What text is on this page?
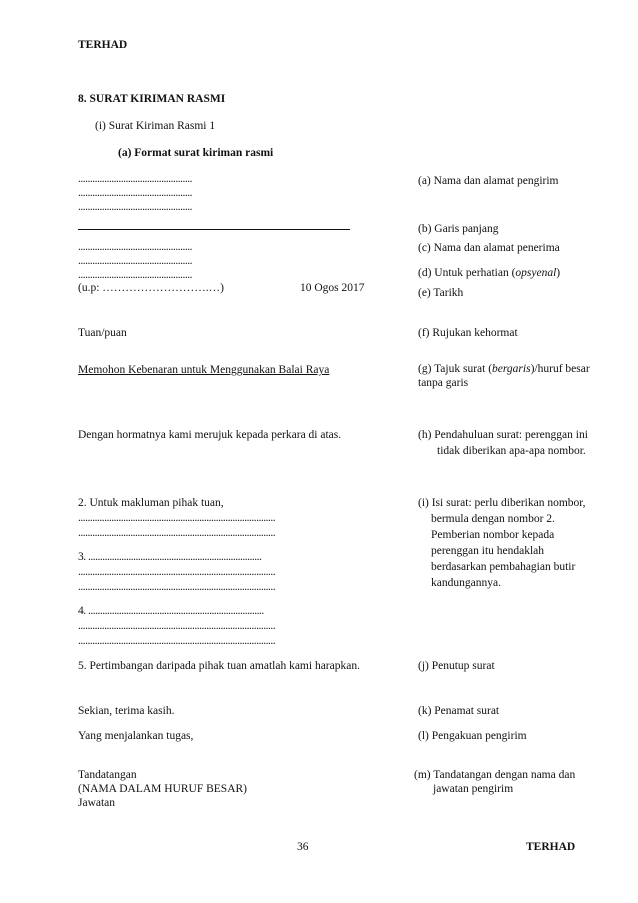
TERHAD
8. SURAT KIRIMAN RASMI
(i) Surat Kiriman Rasmi 1
(a) Format surat kiriman rasmi
................................................
................................................
................................................
................................................
................................................
................................................
(u.p: ……………………….…)	10 Ogos 2017
Tuan/puan
Memohon Kebenaran untuk Menggunakan Balai Raya
Dengan hormatnya kami merujuk kepada perkara di atas.
2. Untuk makluman pihak tuan,
...................................................................................
...................................................................................
3. .........................................................................
...................................................................................
...................................................................................
4. ..........................................................................
...................................................................................
...................................................................................
5. Pertimbangan daripada pihak tuan amatlah kami harapkan.
Sekian, terima kasih.
Yang menjalankan tugas,
Tandatangan
(NAMA DALAM HURUF BESAR)
Jawatan
(a) Nama dan alamat pengirim
(b) Garis panjang
(c) Nama dan alamat penerima
(d) Untuk perhatian (opsyenal)
(e) Tarikh
(f) Rujukan kehormat
(g) Tajuk surat (bergaris)/huruf besar
tanpa garis
(h) Pendahuluan surat: perenggan ini
tidak diberikan apa-apa nombor.
(i) Isi surat: perlu diberikan nombor,
bermula dengan nombor 2.
Pemberian nombor kepada
perenggan itu hendaklah
berdasarkan pembahagian butir
kandungannya.
(j) Penutup surat
(k) Penamat surat
(l) Pengakuan pengirim
(m) Tandatangan dengan nama dan
jawatan pengirim
36	TERHAD
